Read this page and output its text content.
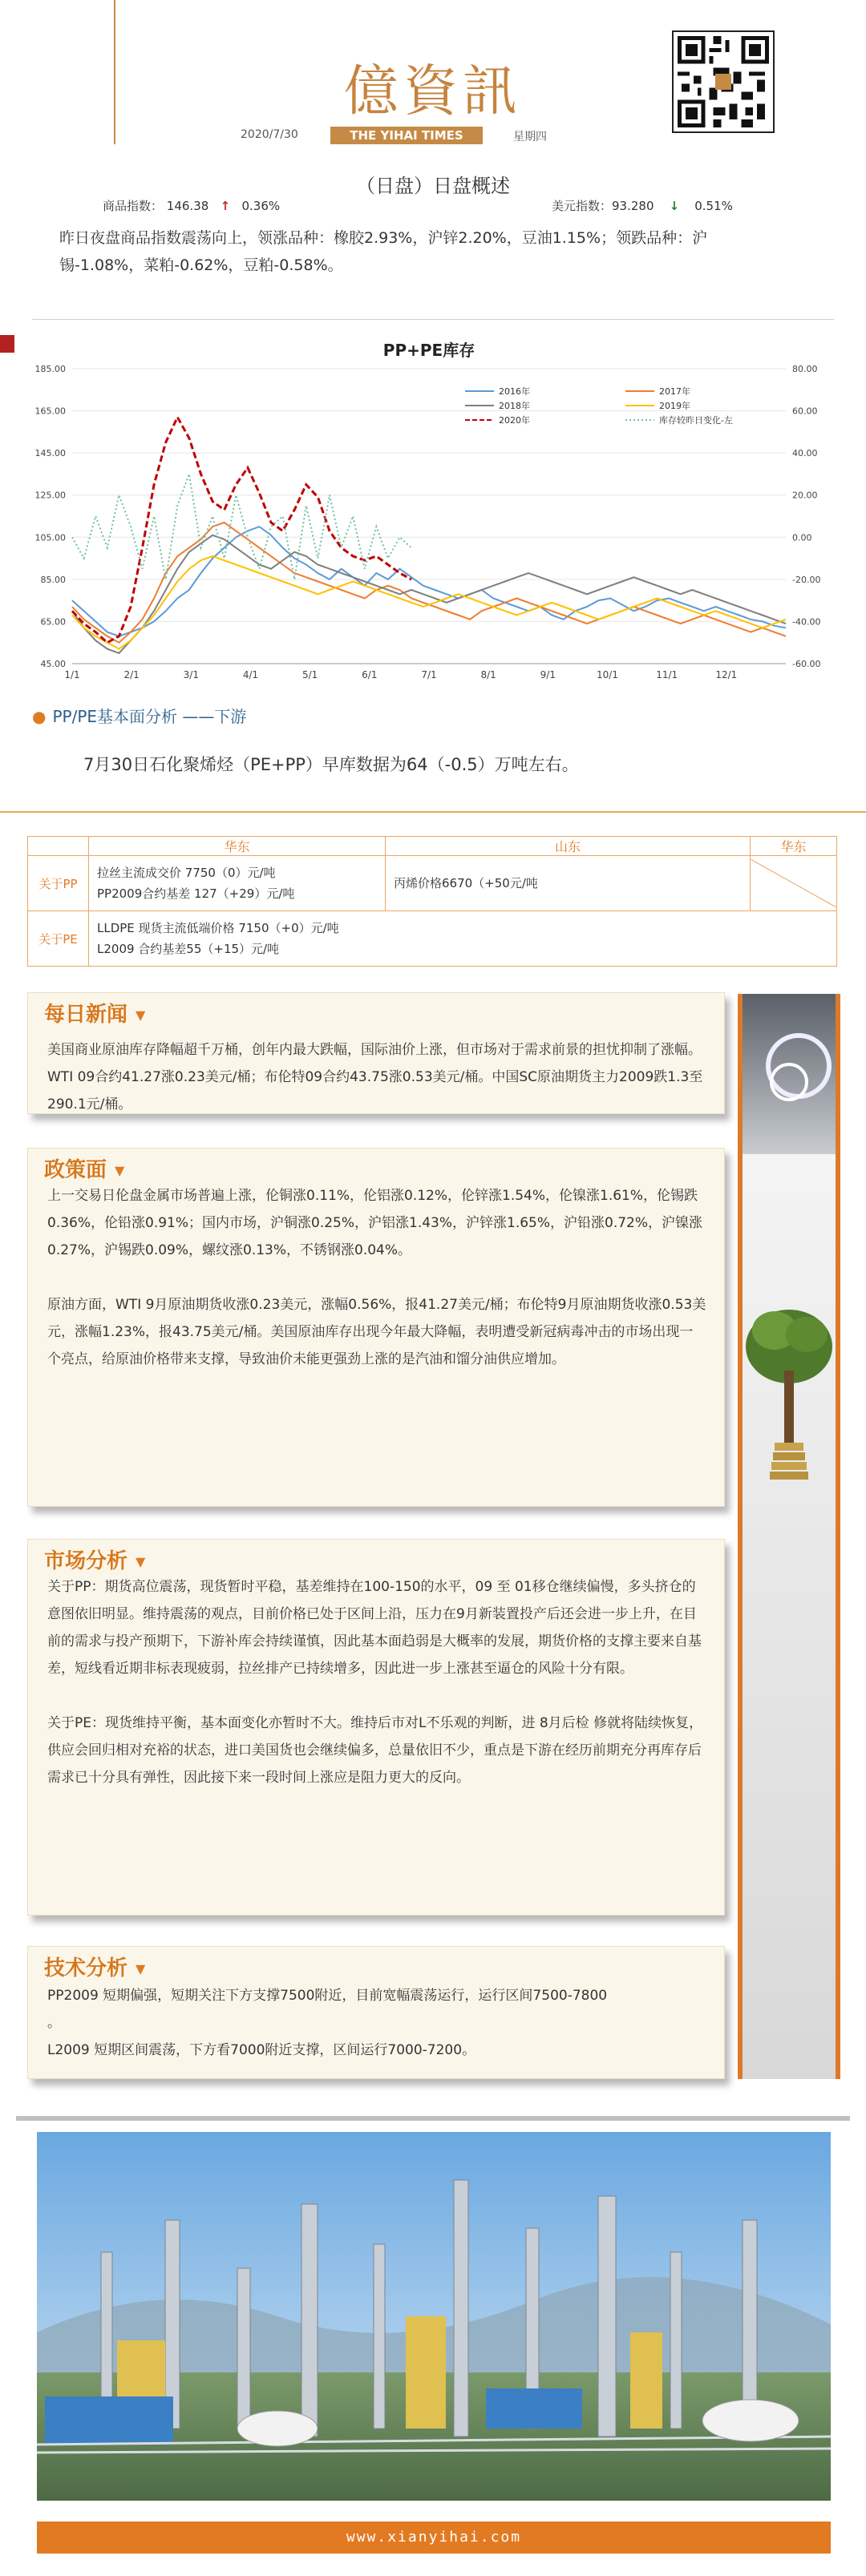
億資訊
2020/7/30	THE YIHAI TIMES	星期四
（日盘）日盘概述
商品指数： 146.38 ↑ 0.36%	美元指数：93.280 ↓ 0.51%
昨日夜盘商品指数震荡向上，领涨品种：橡胶2.93%，沪锌2.20%，豆油1.15%；领跌品种：沪锡-1.08%，菜粕-0.62%，豆粕-0.58%。
PP+PE库存
185.00
165.00
145.00
125.00
105.00
85.00
65.00
45.00
80.00
60.00
40.00
20.00
0.00
-20.00
-40.00
-60.00
1/1	2/1	3/1	4/1	5/1	6/1	7/1	8/1	9/1	10/1	11/1	12/1
2016年	2017年
2018年	2019年
2020年	库存较昨日变化-左
● PP/PE基本面分析 ——下游
7月30日石化聚烯烃（PE+PP）早库数据为64（-0.5）万吨左右。
	华东	山东	华东
关于PP	拉丝主流成交价 7750（0）元/吨
PP2009合约基差 127（+29）元/吨	丙烯价格6670（+50元/吨	

关于PE	LLDPE 现货主流低端价格 7150（+0）元/吨
L2009 合约基差55（+15）元/吨		
每日新闻 ▼
美国商业原油库存降幅超千万桶，创年内最大跌幅，国际油价上涨，但市场对于需求前景的担忧抑制了涨幅。WTI 09合约41.27涨0.23美元/桶；布伦特09合约43.75涨0.53美元/桶。中国SC原油期货主力2009跌1.3至290.1元/桶。
政策面 ▼

上一交易日伦盘金属市场普遍上涨，伦铜涨0.11%，伦铝涨0.12%，伦锌涨1.54%，伦镍涨1.61%，伦锡跌0.36%，伦铅涨0.91%；国内市场，沪铜涨0.25%，沪铝涨1.43%，沪锌涨1.65%，沪铅涨0.72%，沪镍涨0.27%，沪锡跌0.09%，螺纹涨0.13%，不锈钢涨0.04%。

原油方面，WTI 9月原油期货收涨0.23美元，涨幅0.56%，报41.27美元/桶；布伦特9月原油期货收涨0.53美元，涨幅1.23%，报43.75美元/桶。美国原油库存出现今年最大降幅，表明遭受新冠病毒冲击的市场出现一个亮点，给原油价格带来支撑，导致油价未能更强劲上涨的是汽油和馏分油供应增加。

市场分析 ▼

关于PP：期货高位震荡，现货暂时平稳，基差维持在100-150的水平，09 至 01移仓继续偏慢，多头挤仓的意图依旧明显。维持震荡的观点，目前价格已处于区间上沿，压力在9月新装置投产后还会进一步上升，在目前的需求与投产预期下，下游补库会持续谨慎，因此基本面趋弱是大概率的发展，期货价格的支撑主要来自基差，短线看近期非标表现疲弱，拉丝排产已持续增多，因此进一步上涨甚至逼仓的风险十分有限。

关于PE：现货维持平衡，基本面变化亦暂时不大。维持后市对L不乐观的判断，进 8月后检 修就将陆续恢复，供应会回归相对充裕的状态，进口美国货也会继续偏多，总量依旧不少，重点是下游在经历前期充分再库存后需求已十分具有弹性，因此接下来一段时间上涨应是阻力更大的反向。

技术分析 ▼
PP2009 短期偏强，短期关注下方支撑7500附近，目前宽幅震荡运行，运行区间7500-7800
。
L2009 短期区间震荡，下方看7000附近支撑，区间运行7000-7200。
www.xianyihai.com
